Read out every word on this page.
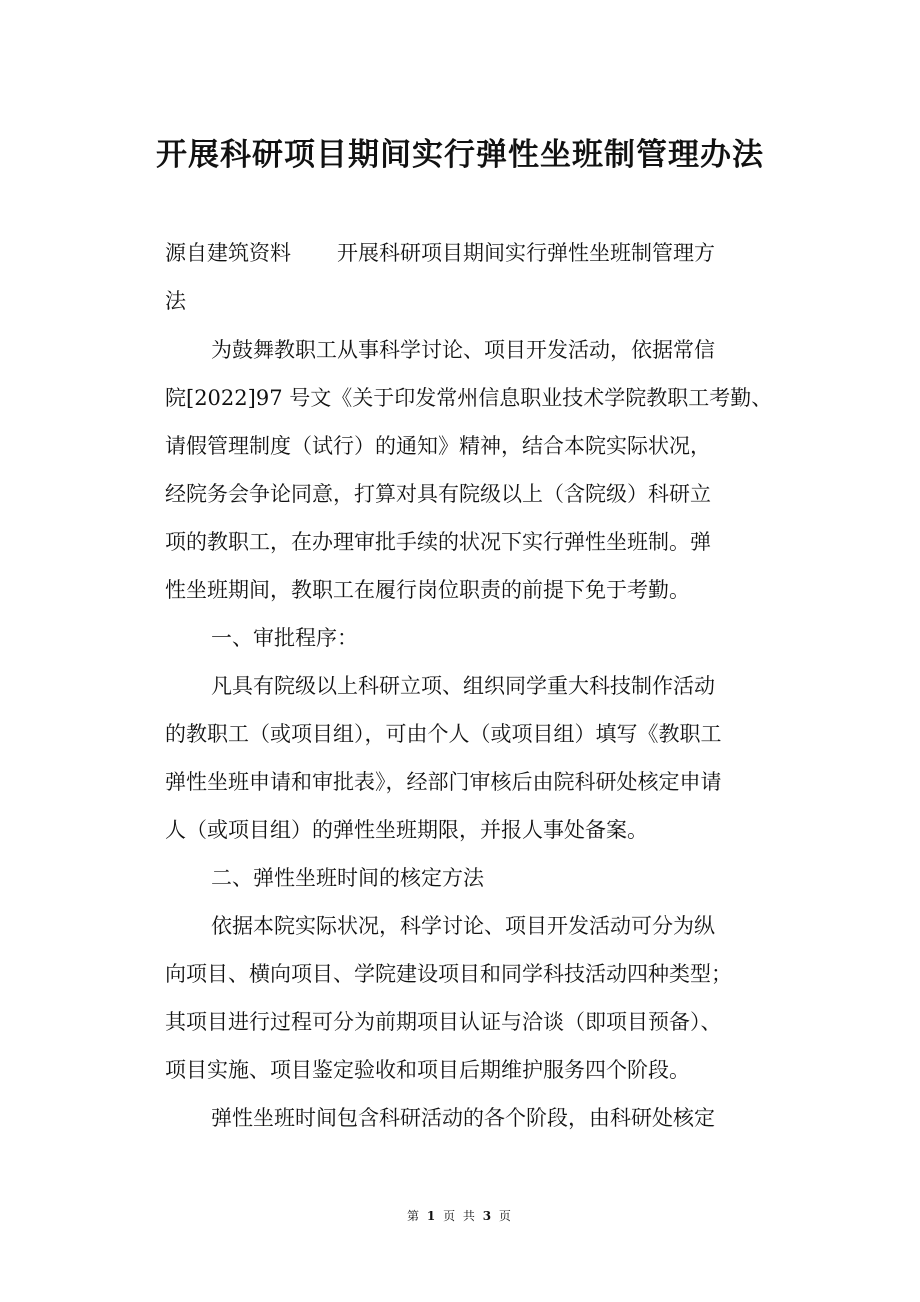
开展科研项目期间实行弹性坐班制管理办法

源自建筑资料 开展科研项目期间实行弹性坐班制管理方

法

为鼓舞教职工从事科学讨论、项目开发活动，依据常信

院[2022]97 号文《关于印发常州信息职业技术学院教职工考勤、

请假管理制度（试行）的通知》精神，结合本院实际状况，

经院务会争论同意，打算对具有院级以上（含院级）科研立

项的教职工，在办理审批手续的状况下实行弹性坐班制。弹

性坐班期间，教职工在履行岗位职责的前提下免于考勤。

一、审批程序：

凡具有院级以上科研立项、组织同学重大科技制作活动

的教职工（或项目组），可由个人（或项目组）填写《教职工

弹性坐班申请和审批表》，经部门审核后由院科研处核定申请

人（或项目组）的弹性坐班期限，并报人事处备案。

二、弹性坐班时间的核定方法

依据本院实际状况，科学讨论、项目开发活动可分为纵

向项目、横向项目、学院建设项目和同学科技活动四种类型；

其项目进行过程可分为前期项目认证与洽谈（即项目预备）、

项目实施、项目鉴定验收和项目后期维护服务四个阶段。

弹性坐班时间包含科研活动的各个阶段，由科研处核定

第 1 页 共 3 页
